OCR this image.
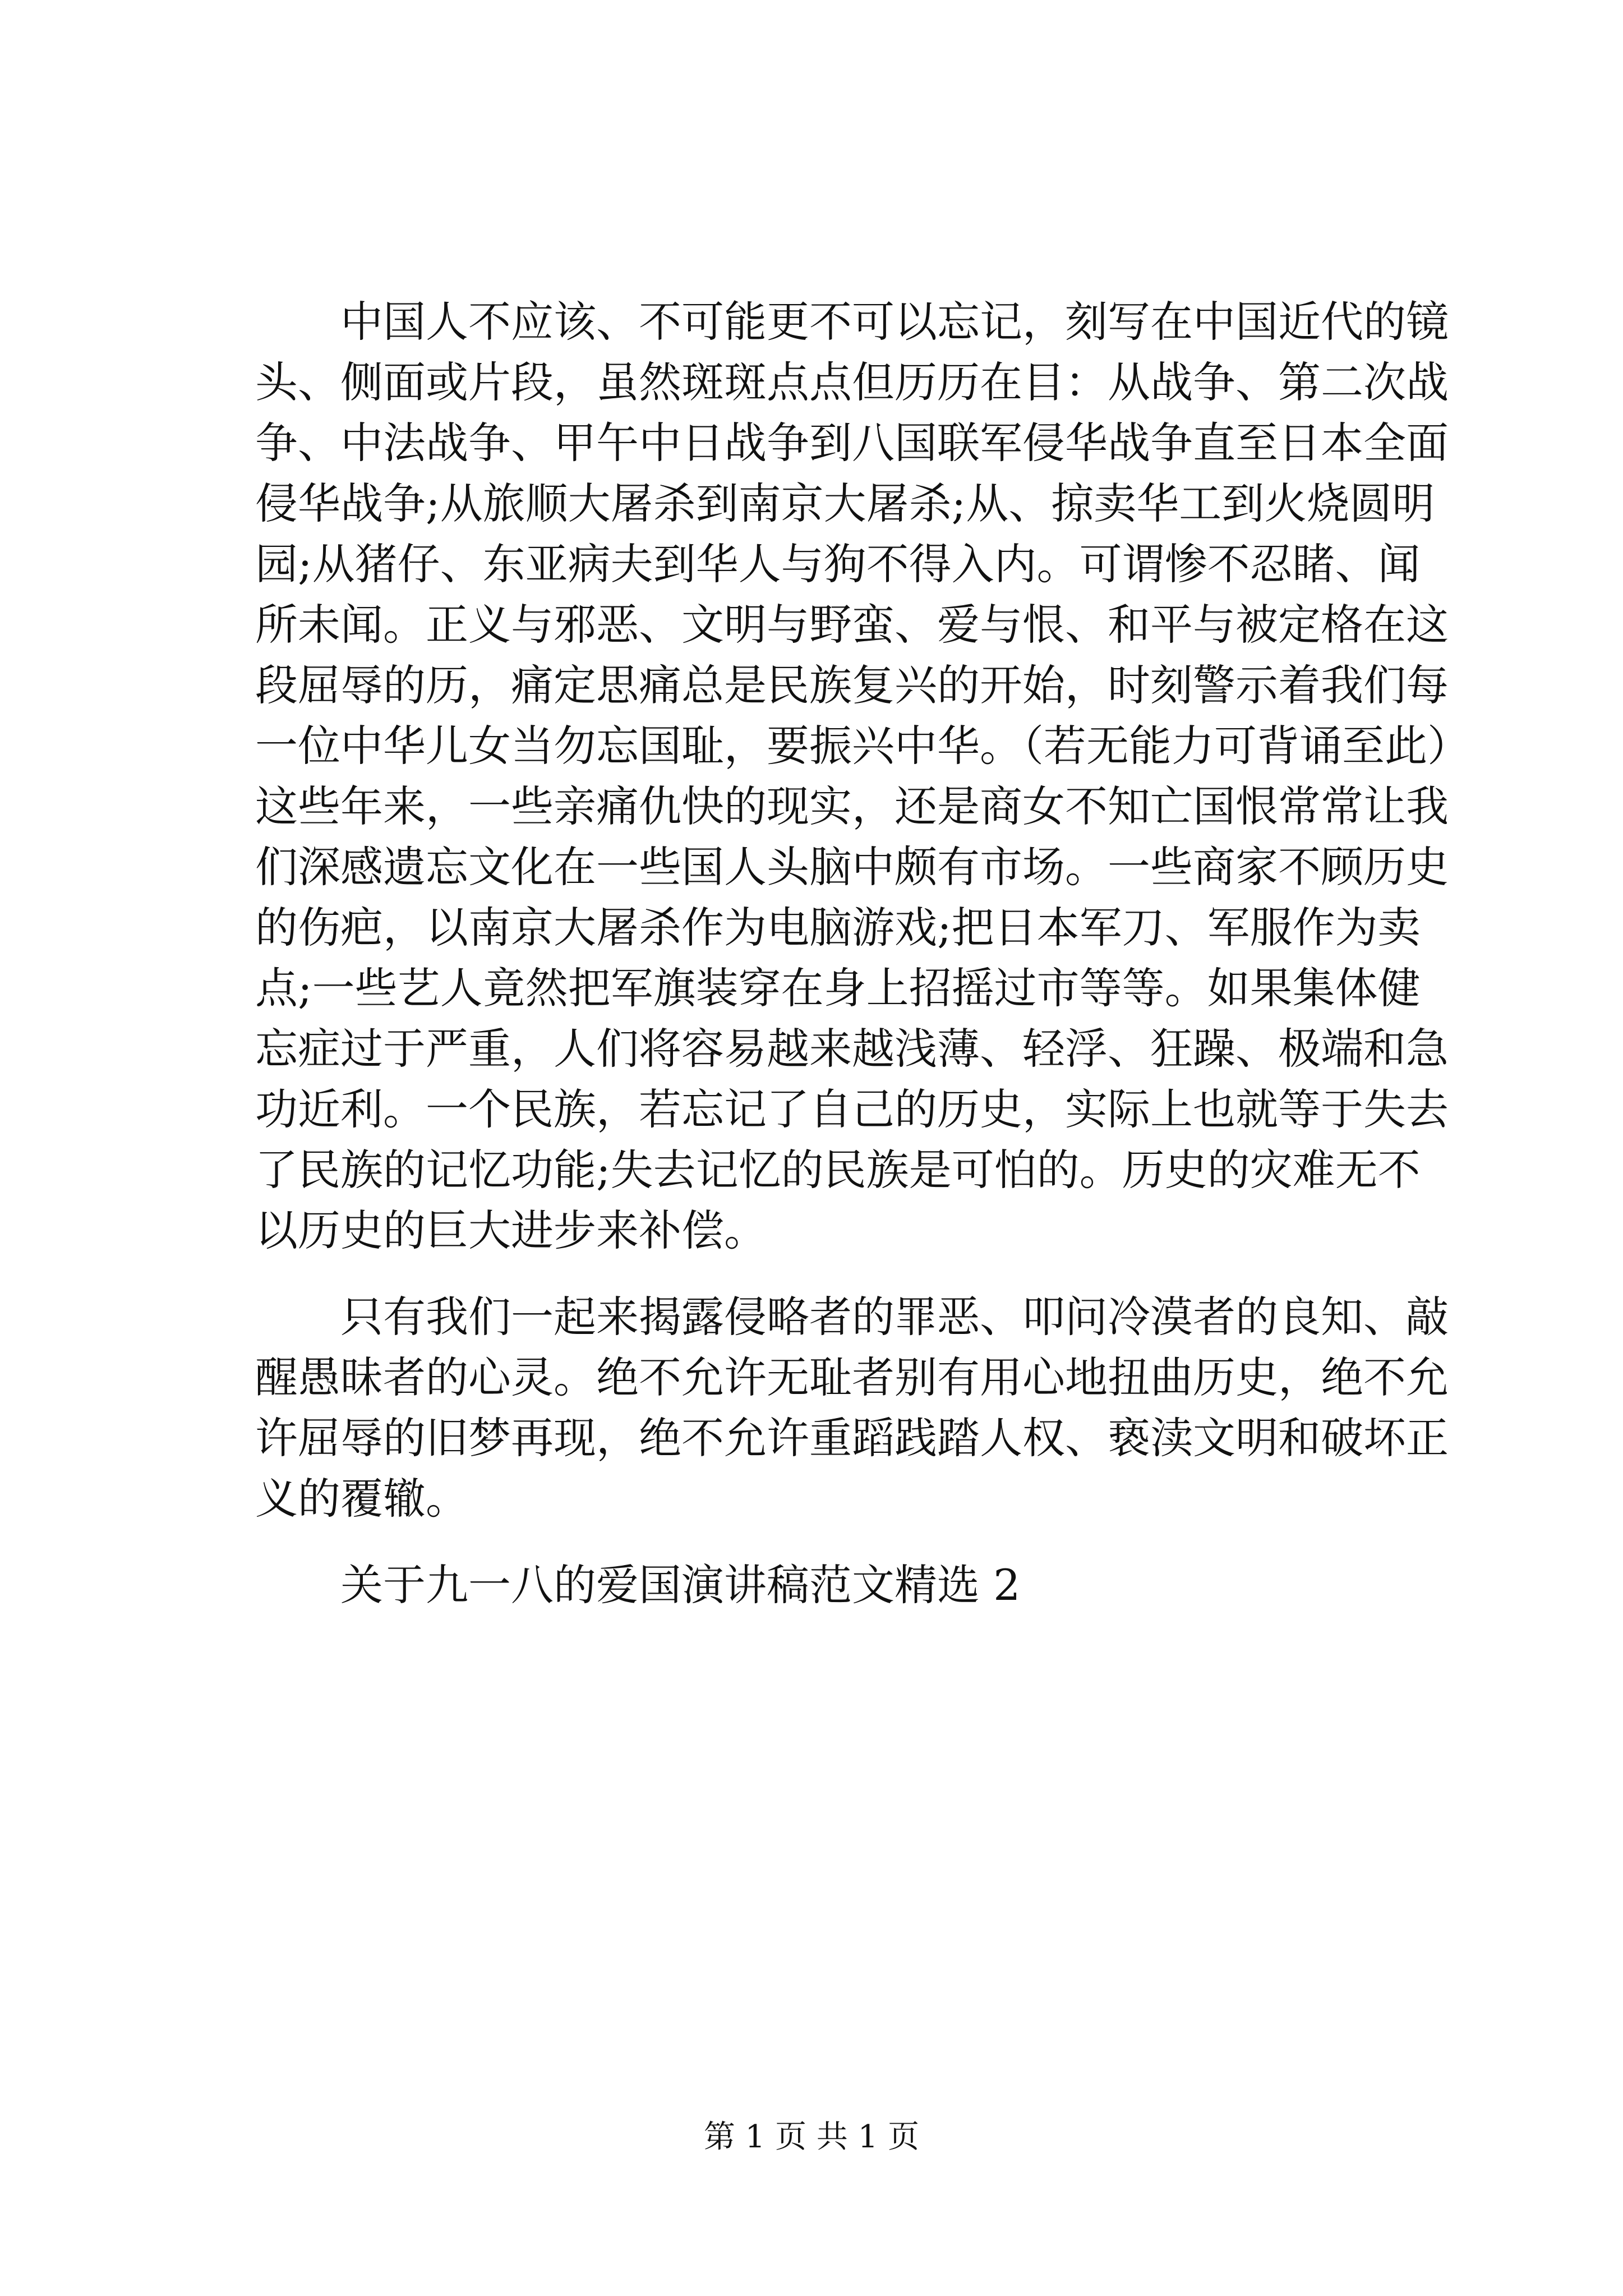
中国人不应该、不可能更不可以忘记，刻写在中国近代的镜
头、侧面或片段，虽然斑斑点点但历历在目：从战争、第二次战
争、中法战争、甲午中日战争到八国联军侵华战争直至日本全面
侵华战争;从旅顺大屠杀到南京大屠杀;从、掠卖华工到火烧圆明
园;从猪仔、东亚病夫到华人与狗不得入内。可谓惨不忍睹、闻
所未闻。正义与邪恶、文明与野蛮、爱与恨、和平与被定格在这
段屈辱的历，痛定思痛总是民族复兴的开始，时刻警示着我们每
一位中华儿女当勿忘国耻，要振兴中华。（若无能力可背诵至此）
这些年来，一些亲痛仇快的现实，还是商女不知亡国恨常常让我
们深感遗忘文化在一些国人头脑中颇有市场。一些商家不顾历史
的伤疤，以南京大屠杀作为电脑游戏;把日本军刀、军服作为卖
点;一些艺人竟然把军旗装穿在身上招摇过市等等。如果集体健
忘症过于严重，人们将容易越来越浅薄、轻浮、狂躁、极端和急
功近利。一个民族，若忘记了自己的历史，实际上也就等于失去
了民族的记忆功能;失去记忆的民族是可怕的。历史的灾难无不
以历史的巨大进步来补偿。
只有我们一起来揭露侵略者的罪恶、叩问冷漠者的良知、敲
醒愚昧者的心灵。绝不允许无耻者别有用心地扭曲历史，绝不允
许屈辱的旧梦再现，绝不允许重蹈践踏人权、亵渎文明和破坏正
义的覆辙。
关于九一八的爱国演讲稿范文精选 2
第 1 页 共 1 页
